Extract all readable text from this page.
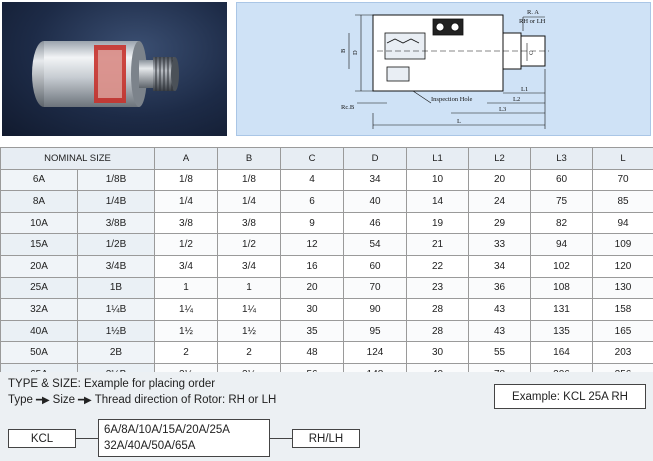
R. A
RH or LH
D
B	C
Inspection Hole
Rc.B
L1
L2
L3
L
NOMINAL SIZE		A	B	C	D	L1	L2	L3	L
6A	1/8B	1/8	1/8	4	34	10	20	60	70
8A	1/4B	1/4	1/4	6	40	14	24	75	85
10A	3/8B	3/8	3/8	9	46	19	29	82	94
15A	1/2B	1/2	1/2	12	54	21	33	94	109
20A	3/4B	3/4	3/4	16	60	22	34	102	120
25A	1B	1	1	20	70	23	36	108	130
32A	1¼B	1¼	1¼	30	90	28	43	131	158
40A	1½B	1½	1½	35	95	28	43	135	165
50A	2B	2	2	48	124	30	55	164	203

TYPE & SIZE: Example for placing order
Type ━▶ Size ━▶ Thread direction of Rotor: RH or LH	Example: KCL 25A RH
KCL
6A/8A/10A/15A/20A/25A
32A/40A/50A/65A
RH/LH
